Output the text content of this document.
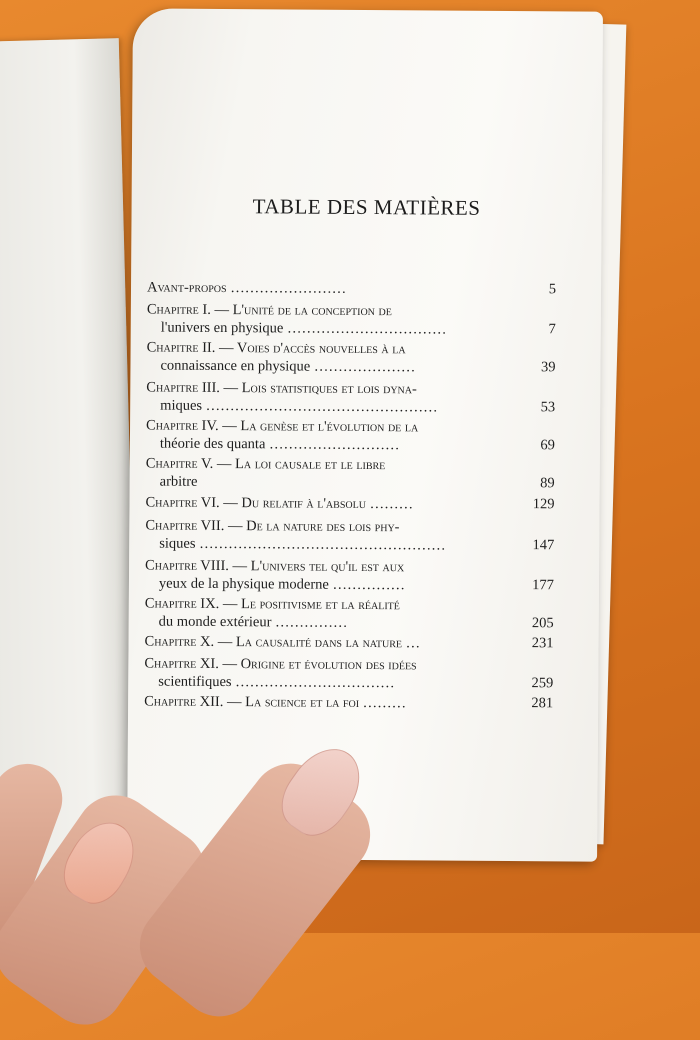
TABLE DES MATIÈRES
Avant-propos ……………………	5
Chapitre I. — L'unité de la conception de
l'univers en physique ……………………………	7
Chapitre II. — Voies d'accès nouvelles à la
connaissance en physique …………………	39
Chapitre III. — Lois statistiques et lois dyna-
miques …………………………………………	53
Chapitre IV. — La genèse et l'évolution de la
théorie des quanta ………………………	69
Chapitre V. — La loi causale et le libre
arbitre	89
Chapitre VI. — Du relatif à l'absolu ………	129
Chapitre VII. — De la nature des lois phy-
siques ……………………………………………	147
Chapitre VIII. — L'univers tel qu'il est aux
yeux de la physique moderne ……………	177
Chapitre IX. — Le positivisme et la réalité
du monde extérieur ……………	205
Chapitre X. — La causalité dans la nature …	231
Chapitre XI. — Origine et évolution des idées
scientifiques ……………………………	259
Chapitre XII. — La science et la foi ………	281
